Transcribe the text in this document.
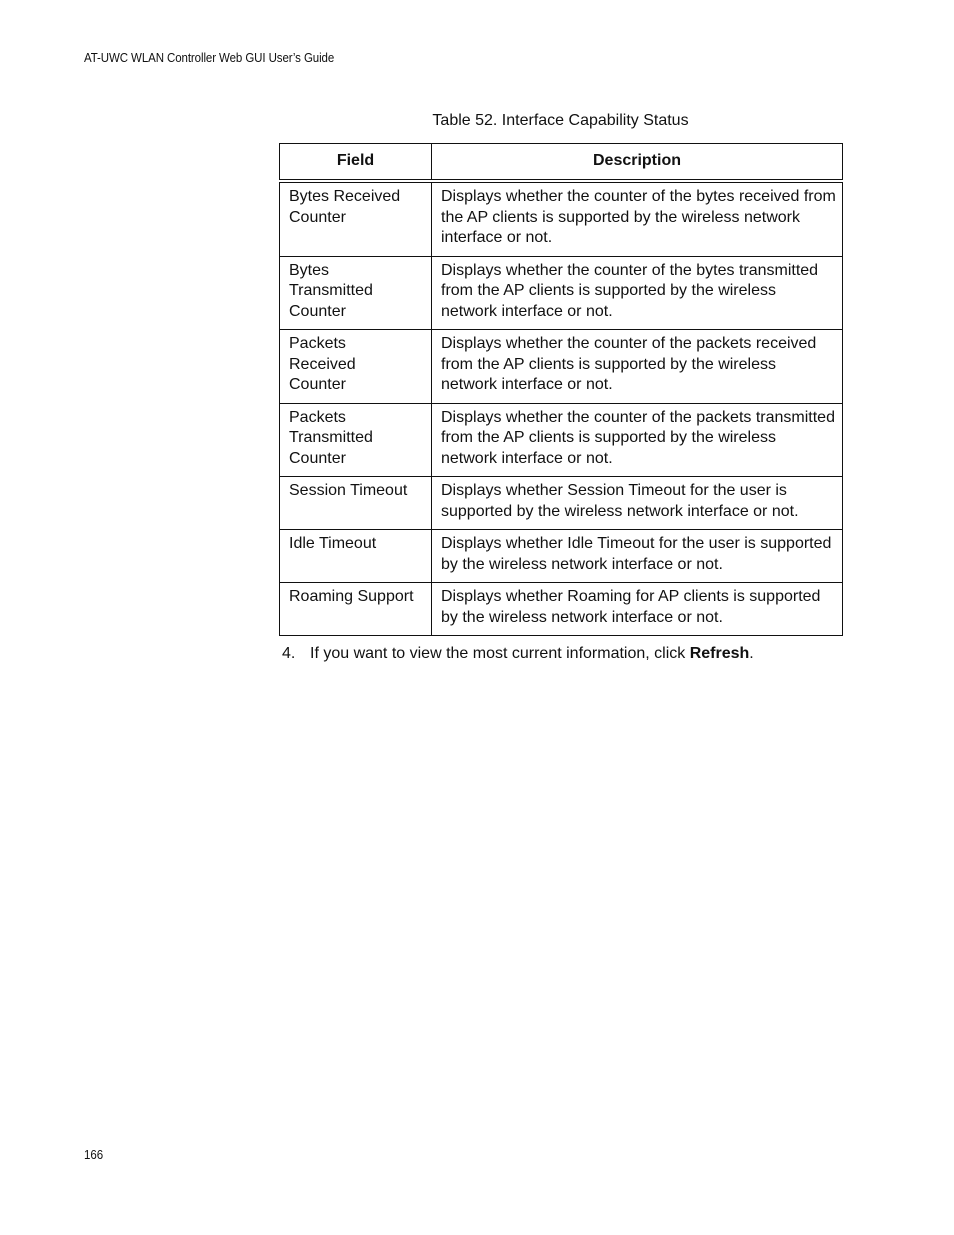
AT-UWC WLAN Controller Web GUI User’s Guide
Table 52. Interface Capability Status
Field	Description
Bytes Received Counter	Displays whether the counter of the bytes received from the AP clients is supported by the wireless network interface or not.
Bytes Transmitted Counter	Displays whether the counter of the bytes transmitted from the AP clients is supported by the wireless network interface or not.
Packets Received Counter	Displays whether the counter of the packets received from the AP clients is supported by the wireless network interface or not.
Packets Transmitted Counter	Displays whether the counter of the packets transmitted from the AP clients is supported by the wireless network interface or not.
Session Timeout	Displays whether Session Timeout for the user is supported by the wireless network interface or not.
Idle Timeout	Displays whether Idle Timeout for the user is supported by the wireless network interface or not.
Roaming Support	Displays whether Roaming for AP clients is supported by the wireless network interface or not.
4. If you want to view the most current information, click Refresh.
166
